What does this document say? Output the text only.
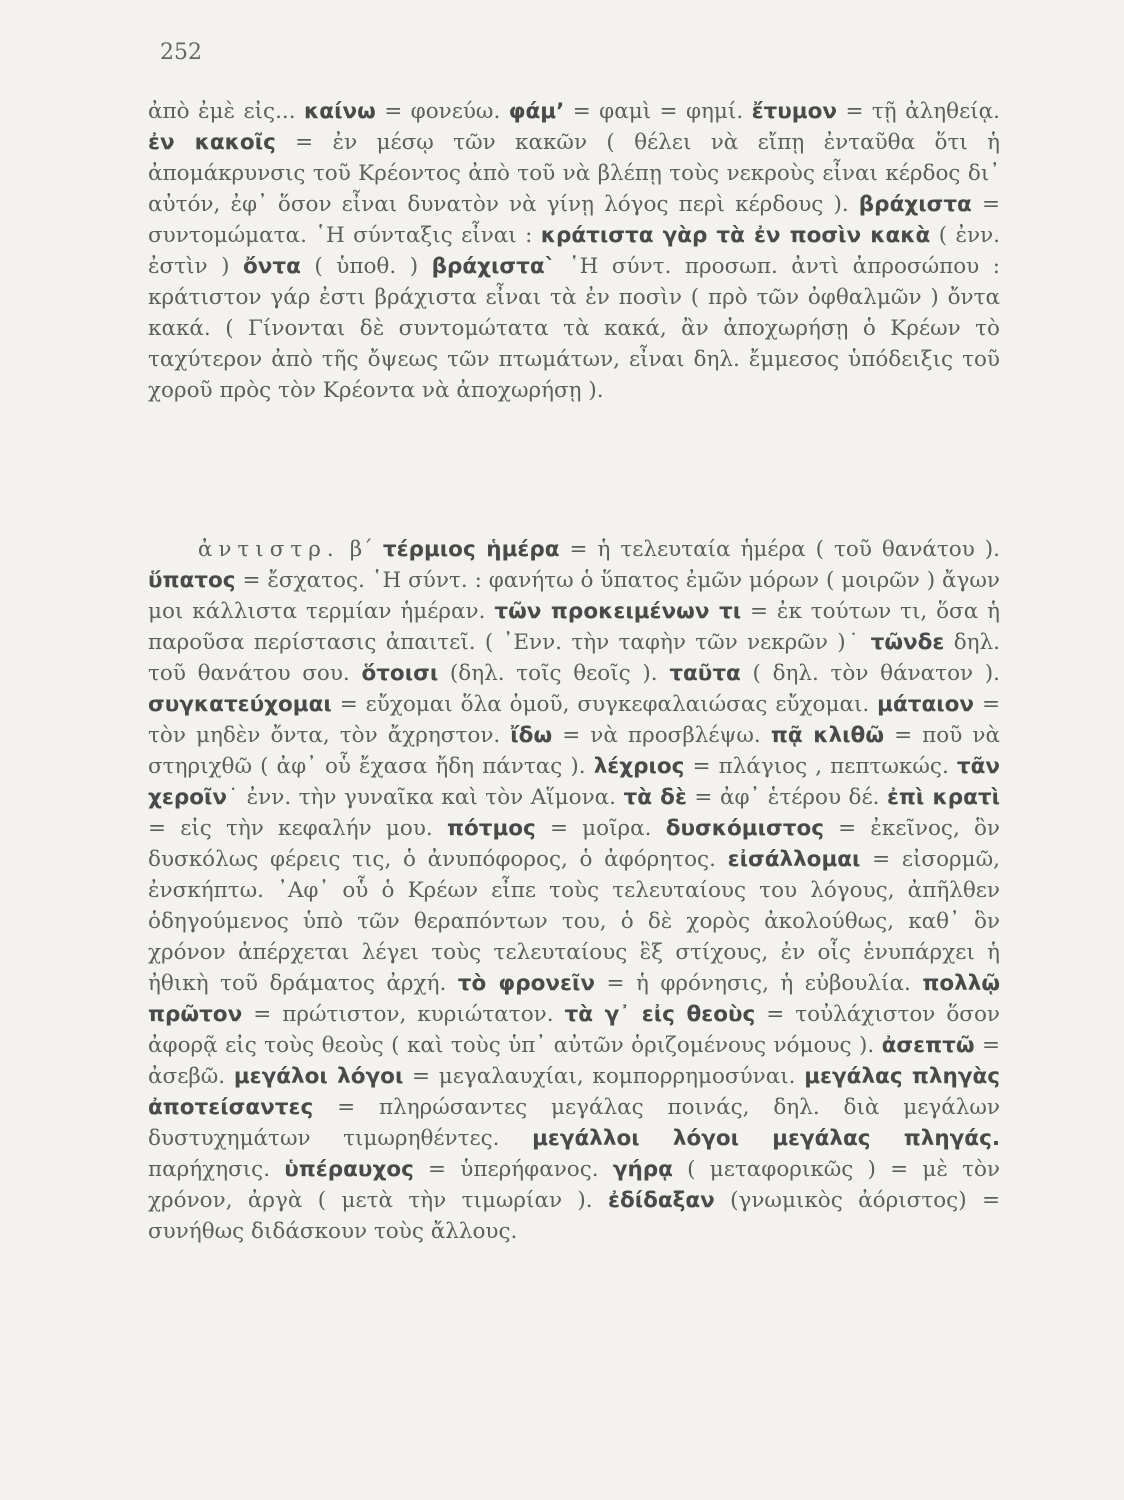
252
ἀπὸ ἐμὲ εἰς... καίνω = φονεύω. φάμ’ = φαμὶ = φημί. ἔτυμον = τῇ ἀληθείᾳ. ἐν κακοῖς = ἐν μέσῳ τῶν κακῶν ( θέλει νὰ εἴπῃ ἐνταῦθα ὅτι ἡ ἀπομάκρυνσις τοῦ Κρέοντος ἀπὸ τοῦ νὰ βλέπῃ τοὺς νεκροὺς εἶναι κέρδος δι᾽ αὐτόν, ἐφ᾽ ὅσον εἶναι δυνατὸν νὰ γίνῃ λόγος περὶ κέρδους ). βράχιστα = συντομώματα. ῾Η σύνταξις εἶναι : κράτιστα γὰρ τὰ ἐν ποσὶν κακὰ ( ἐνν. ἐστὶν ) ὄντα ( ὑποθ. ) βράχιστα` ῾Η σύντ. προσωπ. ἀντὶ ἀπροσώπου : κράτιστον γάρ ἐστι βράχιστα εἶναι τὰ ἐν ποσὶν ( πρὸ τῶν ὀφθαλμῶν ) ὄντα κακά. ( Γίνονται δὲ συντομώτατα τὰ κακά, ἂν ἀποχωρήσῃ ὁ Κρέων τὸ ταχύτερον ἀπὸ τῆς ὄψεως τῶν πτωμάτων, εἶναι δηλ. ἔμμεσος ὑπόδειξις τοῦ χοροῦ πρὸς τὸν Κρέοντα νὰ ἀποχωρήσῃ ).
ἀντιστρ. β΄ τέρμιος ἡμέρα = ἡ τελευταία ἡμέρα ( τοῦ θανάτου ). ὕπατος = ἔσχατος. ῾Η σύντ. : φανήτω ὁ ὕπατος ἐμῶν μόρων ( μοιρῶν ) ἄγων μοι κάλλιστα τερμίαν ἡμέραν. τῶν προκειμένων τι = ἐκ τούτων τι, ὅσα ἡ παροῦσα περίστασις ἀπαιτεῖ. ( ᾿Ενν. τὴν ταφὴν τῶν νεκρῶν )˙ τῶνδε δηλ. τοῦ θανάτου σου. ὅτοισι (δηλ. τοῖς θεοῖς ). ταῦτα ( δηλ. τὸν θάνατον ). συγκατεύχομαι = εὔχομαι ὅλα ὁμοῦ, συγκεφαλαιώσας εὔχομαι. μάταιον = τὸν μηδὲν ὄντα, τὸν ἄχρηστον. ἴδω = νὰ προσβλέψω. πᾷ κλιθῶ = ποῦ νὰ στηριχθῶ ( ἀφ᾽ οὗ ἔχασα ἤδη πάντας ). λέχριος = πλάγιος , πεπτωκώς. τᾶν χεροῖν˙ ἐνν. τὴν γυναῖκα καὶ τὸν Αἵμονα. τὰ δὲ = ἀφ᾽ ἑτέρου δέ. ἐπὶ κρατὶ = εἰς τὴν κεφαλήν μου. πότμος = μοῖρα. δυσκόμιστος = ἐκεῖνος, ὃν δυσκόλως φέρεις τις, ὁ ἀνυπόφορος, ὁ ἀφόρητος. εἰσάλλομαι = εἰσορμῶ, ἐνσκήπτω. ᾿Αφ᾽ οὗ ὁ Κρέων εἶπε τοὺς τελευταίους του λόγους, ἀπῆλθεν ὁδηγούμενος ὑπὸ τῶν θεραπόντων του, ὁ δὲ χορὸς ἀκολούθως, καθ᾽ ὃν χρόνον ἀπέρχεται λέγει τοὺς τελευταίους ἓξ στίχους, ἐν οἷς ἐνυπάρχει ἡ ἠθικὴ τοῦ δράματος ἀρχή. τὸ φρονεῖν = ἡ φρόνησις, ἡ εὐβουλία. πολλῷ πρῶτον = πρώτιστον, κυριώτατον. τὰ γ᾽ εἰς θεοὺς = τοὐλάχιστον ὅσον ἀφορᾷ εἰς τοὺς θεοὺς ( καὶ τοὺς ὑπ᾽ αὐτῶν ὁριζομένους νόμους ). ἀσεπτῶ = ἀσεβῶ. μεγάλοι λόγοι = μεγαλαυχίαι, κομπορρημοσύναι. μεγάλας πληγὰς ἀποτείσαντες = πληρώσαντες μεγάλας ποινάς, δηλ. διὰ μεγάλων δυστυχημάτων τιμωρηθέντες. μεγάλλοι λόγοι μεγάλας πληγάς. παρήχησις. ὑπέραυχος = ὑπερήφανος. γήρᾳ ( μεταφορικῶς ) = μὲ τὸν χρόνον, ἀργὰ ( μετὰ τὴν τιμωρίαν ). ἐδίδαξαν (γνωμικὸς ἀόριστος) = συνήθως διδάσκουν τοὺς ἄλλους.
